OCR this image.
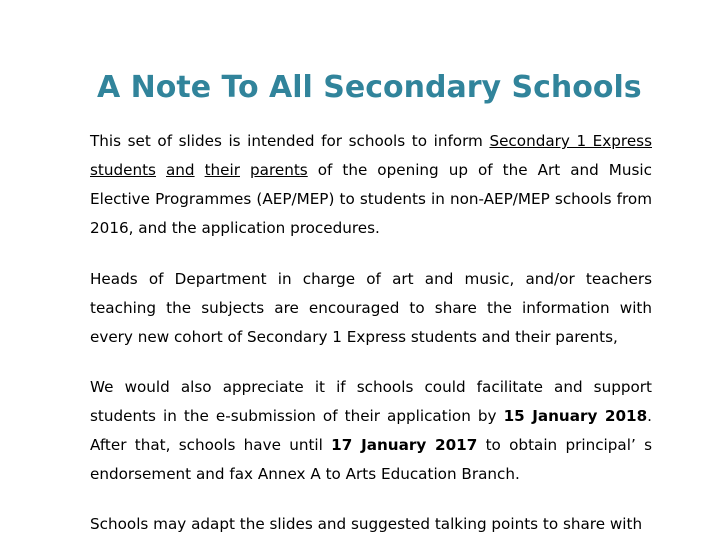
A Note To All Secondary Schools

This set of slides is intended for schools to inform Secondary 1 Express students and their parents of the opening up of the Art and Music Elective Programmes (AEP/MEP) to students in non-AEP/MEP schools from 2016, and the application procedures.

Heads of Department in charge of art and music, and/or teachers teaching the subjects are encouraged to share the information with every new cohort of Secondary 1 Express students and their parents,

We would also appreciate it if schools could facilitate and support students in the e-submission of their application by 15 January 2018. After that, schools have until 17 January 2017 to obtain principal’ s endorsement and fax Annex A to Arts Education Branch.

Schools may adapt the slides and suggested talking points to share with
